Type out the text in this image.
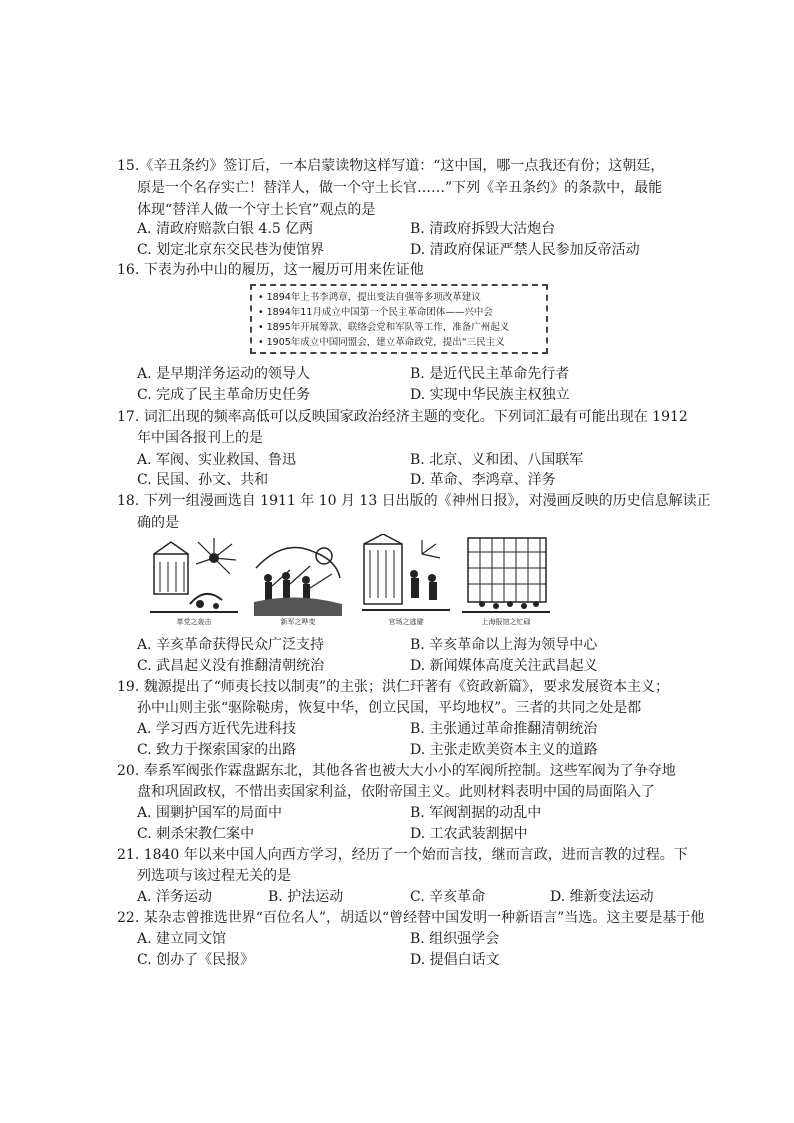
15.《辛丑条约》签订后，一本启蒙读物这样写道：“这中国，哪一点我还有份；这朝廷，
原是一个名存实亡！替洋人，做一个守土长官……”下列《辛丑条约》的条款中，最能
体现“替洋人做一个守土长官”观点的是
A. 清政府赔款白银 4.5 亿两	B. 清政府拆毁大沽炮台
C. 划定北京东交民巷为使馆界	D. 清政府保证严禁人民参加反帝活动
16. 下表为孙中山的履历，这一履历可用来佐证他
• 1894年上书李鸿章，提出变法自强等多项改革建议
• 1894年11月成立中国第一个民主革命团体——兴中会
• 1895年开展筹款、联络会党和军队等工作，准备广州起义
• 1905年成立中国同盟会，建立革命政党，提出“三民主义
A. 是早期洋务运动的领导人	B. 是近代民主革命先行者
C. 完成了民主革命历史任务	D. 实现中华民族主权独立
17. 词汇出现的频率高低可以反映国家政治经济主题的变化。下列词汇最有可能出现在 1912
年中国各报刊上的是
A. 军阀、实业救国、鲁迅	B. 北京、义和团、八国联军
C. 民国、孙文、共和	D. 革命、李鸿章、洋务
18. 下列一组漫画选自 1911 年 10 月 13 日出版的《神州日报》，对漫画反映的历史信息解读正
确的是
革党之轰击	新军之哗变	官场之逃避	上海报馆之忙碌
A. 辛亥革命获得民众广泛支持	B. 辛亥革命以上海为领导中心
C. 武昌起义没有推翻清朝统治	D. 新闻媒体高度关注武昌起义
19. 魏源提出了“师夷长技以制夷”的主张；洪仁玕著有《资政新篇》，要求发展资本主义；
孙中山则主张“驱除鞑虏，恢复中华，创立民国，平均地权”。三者的共同之处是都
A. 学习西方近代先进科技	B. 主张通过革命推翻清朝统治
C. 致力于探索国家的出路	D. 主张走欧美资本主义的道路
20. 奉系军阀张作霖盘踞东北，其他各省也被大大小小的军阀所控制。这些军阀为了争夺地
盘和巩固政权，不惜出卖国家利益，依附帝国主义。此则材料表明中国的局面陷入了
A. 围剿护国军的局面中	B. 军阀割据的动乱中
C. 刺杀宋教仁案中	D. 工农武装割据中
21. 1840 年以来中国人向西方学习，经历了一个始而言技，继而言政，进而言教的过程。下
列选项与该过程无关的是
A. 洋务运动	B. 护法运动	C. 辛亥革命	D. 维新变法运动
22. 某杂志曾推选世界“百位名人”，胡适以“曾经替中国发明一种新语言”当选。这主要是基于他
A. 建立同文馆	B. 组织强学会
C. 创办了《民报》	D. 提倡白话文
